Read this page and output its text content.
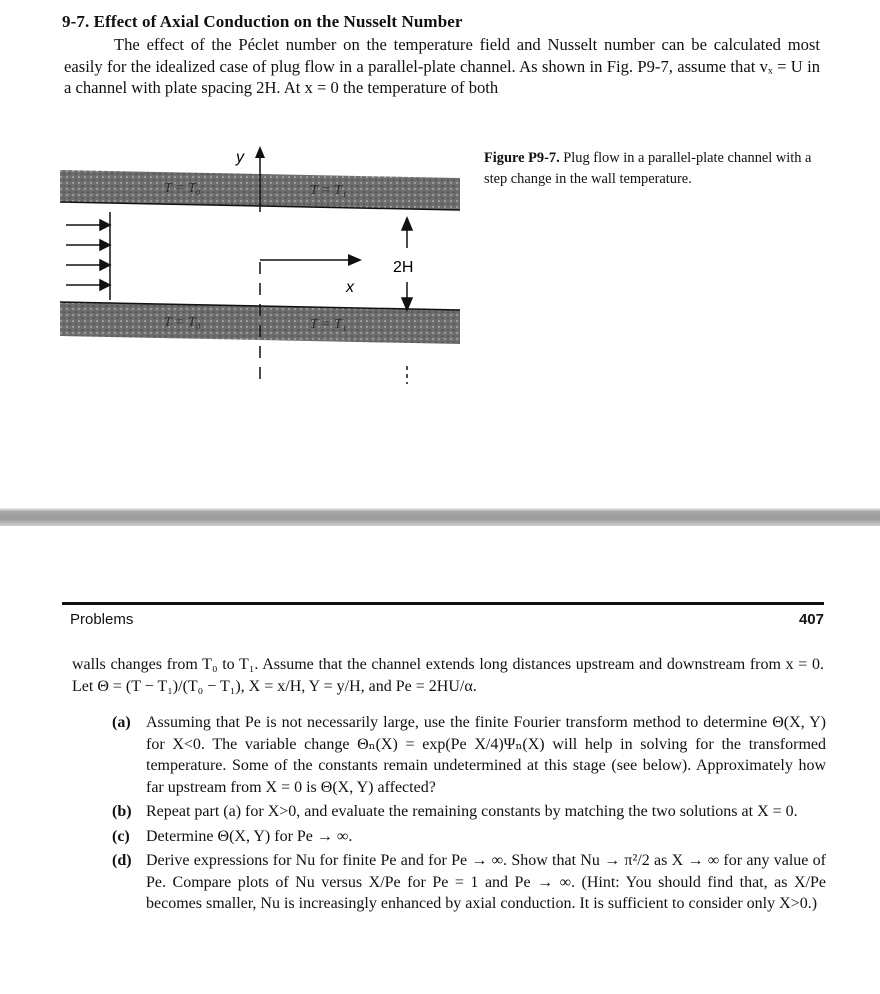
9-7. Effect of Axial Conduction on the Nusselt Number

The effect of the Péclet number on the temperature field and Nusselt number can be calculated most easily for the idealized case of plug flow in a parallel-plate channel. As shown in Fig. P9-7, assume that vₓ = U in a channel with plate spacing 2H. At x = 0 the temperature of both

y
x
2H
T = T₀	T = T₁
T = T₀	T = T₁
Figure P9-7. Plug flow in a parallel-plate channel with a step change in the wall temperature.
Problems	407
walls changes from T₀ to T₁. Assume that the channel extends long distances upstream and downstream from x = 0. Let Θ = (T − T₁)/(T₀ − T₁), X = x/H, Y = y/H, and Pe = 2HU/α.
(a) Assuming that Pe is not necessarily large, use the finite Fourier transform method to determine Θ(X, Y) for X<0. The variable change Θₙ(X) = exp(Pe X/4)Ψₙ(X) will help in solving for the transformed temperature. Some of the constants remain undetermined at this stage (see below). Approximately how far upstream from X = 0 is Θ(X, Y) affected?
(b) Repeat part (a) for X>0, and evaluate the remaining constants by matching the two solutions at X = 0.
(c) Determine Θ(X, Y) for Pe → ∞.
(d) Derive expressions for Nu for finite Pe and for Pe → ∞. Show that Nu → π²/2 as X → ∞ for any value of Pe. Compare plots of Nu versus X/Pe for Pe = 1 and Pe → ∞. (Hint: You should find that, as X/Pe becomes smaller, Nu is increasingly enhanced by axial conduction. It is sufficient to consider only X>0.)
